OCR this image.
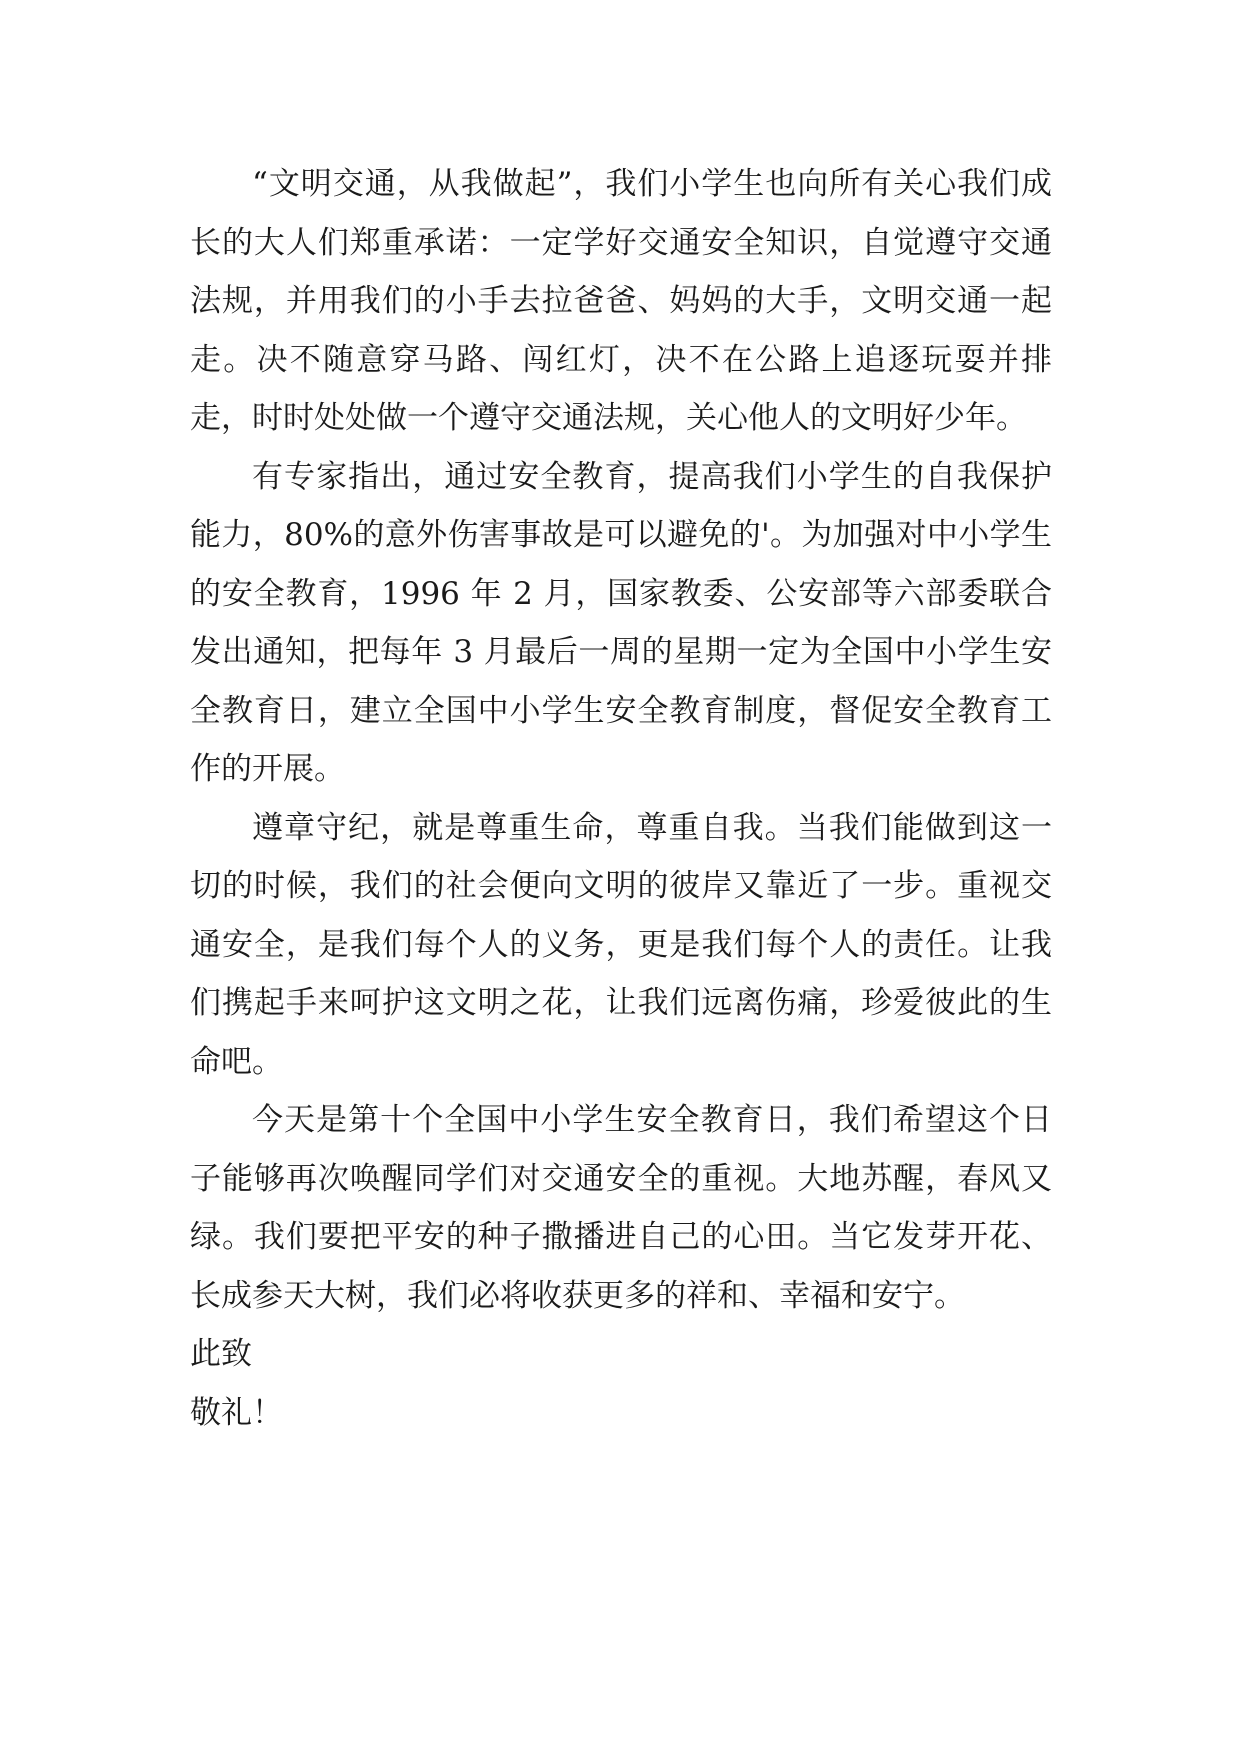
“文明交通，从我做起”，我们小学生也向所有关心我们成长的大人们郑重承诺：一定学好交通安全知识，自觉遵守交通法规，并用我们的小手去拉爸爸、妈妈的大手，文明交通一起走。决不随意穿马路、闯红灯，决不在公路上追逐玩耍并排走，时时处处做一个遵守交通法规，关心他人的文明好少年。

有专家指出，通过安全教育，提高我们小学生的自我保护能力，80%的意外伤害事故是可以避免的'。为加强对中小学生的安全教育，1996 年 2 月，国家教委、公安部等六部委联合发出通知，把每年 3 月最后一周的星期一定为全国中小学生安全教育日，建立全国中小学生安全教育制度，督促安全教育工作的开展。

遵章守纪，就是尊重生命，尊重自我。当我们能做到这一切的时候，我们的社会便向文明的彼岸又靠近了一步。重视交通安全，是我们每个人的义务，更是我们每个人的责任。让我们携起手来呵护这文明之花，让我们远离伤痛，珍爱彼此的生命吧。

今天是第十个全国中小学生安全教育日，我们希望这个日子能够再次唤醒同学们对交通安全的重视。大地苏醒，春风又绿。我们要把平安的种子撒播进自己的心田。当它发芽开花、长成参天大树，我们必将收获更多的祥和、幸福和安宁。

此致

敬礼！
